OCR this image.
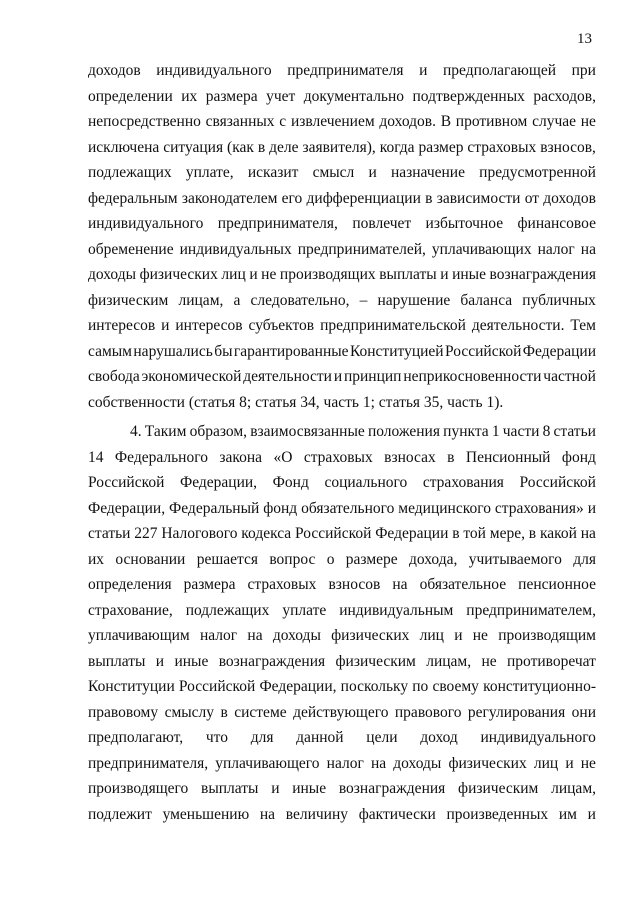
13
доходов индивидуального предпринимателя и предполагающей при
определении их размера учет документально подтвержденных расходов,
непосредственно связанных с извлечением доходов. В противном случае не
исключена ситуация (как в деле заявителя), когда размер страховых взносов,
подлежащих уплате, исказит смысл и назначение предусмотренной
федеральным законодателем его дифференциации в зависимости от доходов
индивидуального предпринимателя, повлечет избыточное финансовое
обременение индивидуальных предпринимателей, уплачивающих налог на
доходы физических лиц и не производящих выплаты и иные вознаграждения
физическим лицам, а следовательно, – нарушение баланса публичных
интересов и интересов субъектов предпринимательской деятельности. Тем
самым нарушались бы гарантированные Конституцией Российской Федерации
свобода экономической деятельности и принцип неприкосновенности частной
собственности (статья 8; статья 34, часть 1; статья 35, часть 1).
4. Таким образом, взаимосвязанные положения пункта 1 части 8 статьи
14 Федерального закона «О страховых взносах в Пенсионный фонд
Российской Федерации, Фонд социального страхования Российской
Федерации, Федеральный фонд обязательного медицинского страхования» и
статьи 227 Налогового кодекса Российской Федерации в той мере, в какой на
их основании решается вопрос о размере дохода, учитываемого для
определения размера страховых взносов на обязательное пенсионное
страхование, подлежащих уплате индивидуальным предпринимателем,
уплачивающим налог на доходы физических лиц и не производящим
выплаты и иные вознаграждения физическим лицам, не противоречат
Конституции Российской Федерации, поскольку по своему конституционно-
правовому смыслу в системе действующего правового регулирования они
предполагают, что для данной цели доход индивидуального
предпринимателя, уплачивающего налог на доходы физических лиц и не
производящего выплаты и иные вознаграждения физическим лицам,
подлежит уменьшению на величину фактически произведенных им и
